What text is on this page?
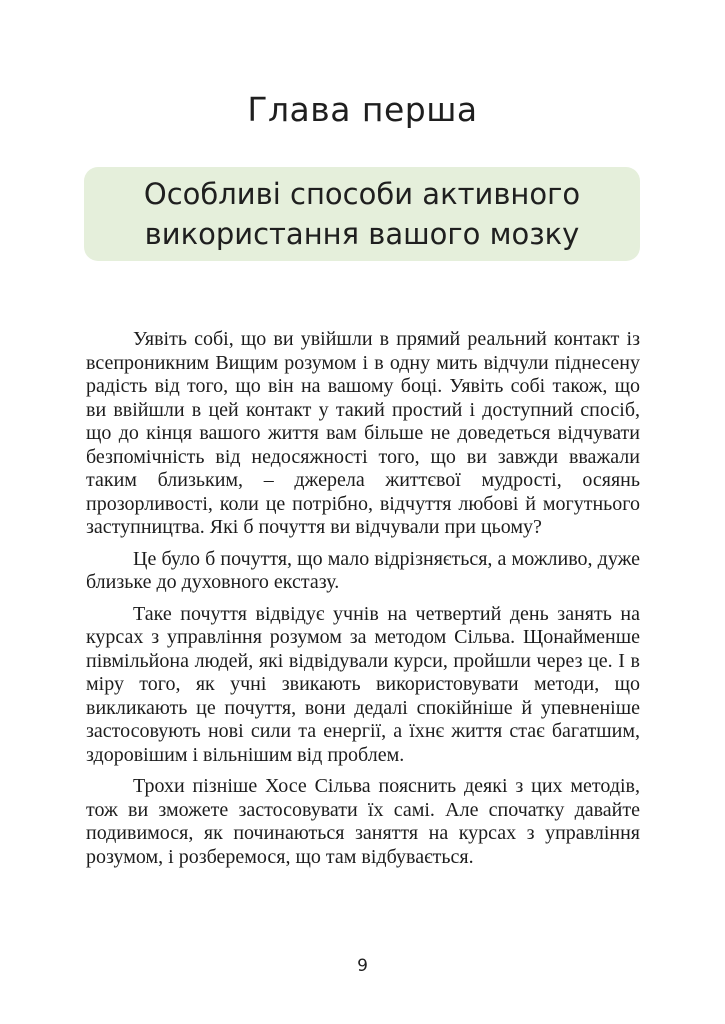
Глава перша
Особливі способи активного
використання вашого мозку

Уявіть собі, що ви увійшли в прямий реальний контакт із всепроникним Вищим розумом і в одну мить відчули піднесену радість від того, що він на вашому боці. Уявіть собі також, що ви ввійшли в цей контакт у такий простий і доступний спосіб, що до кінця вашого життя вам більше не доведеться відчувати безпомічність від недосяжності того, що ви завжди вважали таким близьким, – джерела життєвої мудрості, осяянь прозорливості, коли це потрібно, відчуття любові й могутнього заступництва. Які б почуття ви відчували при цьому?

Це було б почуття, що мало відрізняється, а можливо, дуже близьке до духовного екстазу.

Таке почуття відвідує учнів на четвертий день занять на курсах з управління розумом за методом Сільва. Щонайменше півмільйона людей, які відвідували курси, пройшли через це. І в міру того, як учні звикають використовувати методи, що викликають це почуття, вони дедалі спокійніше й упевненіше застосовують нові сили та енергії, а їхнє життя стає багатшим, здоровішим і вільнішим від проблем.

Трохи пізніше Хосе Сільва пояснить деякі з цих методів, тож ви зможете застосовувати їх самі. Але спочатку давайте подивимося, як починаються заняття на курсах з управління розумом, і розберемося, що там відбувається.

9
